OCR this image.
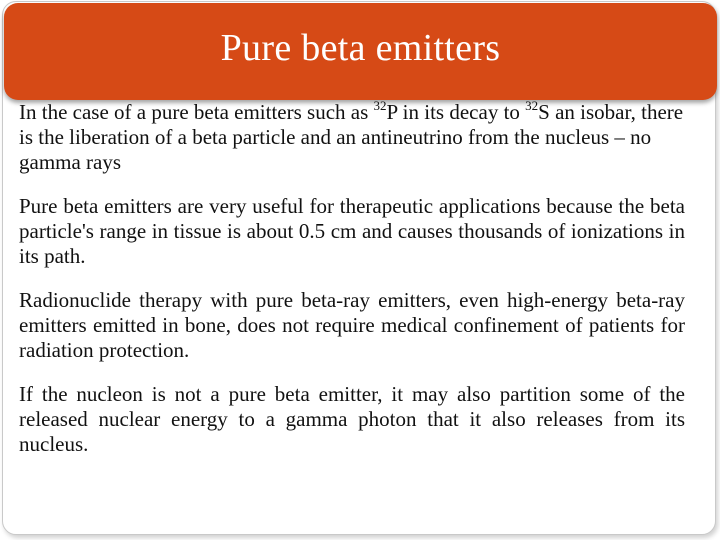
Pure beta emitters

In the case of a pure beta emitters such as $^{32}$P in its decay to $^{32}$S an isobar, there is the liberation of a beta particle and an antineutrino from the nucleus – no gamma rays

Pure beta emitters are very useful for therapeutic applications because the beta particle's range in tissue is about 0.5 cm and causes thousands of ionizations in its path.

Radionuclide therapy with pure beta-ray emitters, even high-energy beta-ray emitters emitted in bone, does not require medical confinement of patients for radiation protection.

If the nucleon is not a pure beta emitter, it may also partition some of the released nuclear energy to a gamma photon that it also releases from its nucleus.
